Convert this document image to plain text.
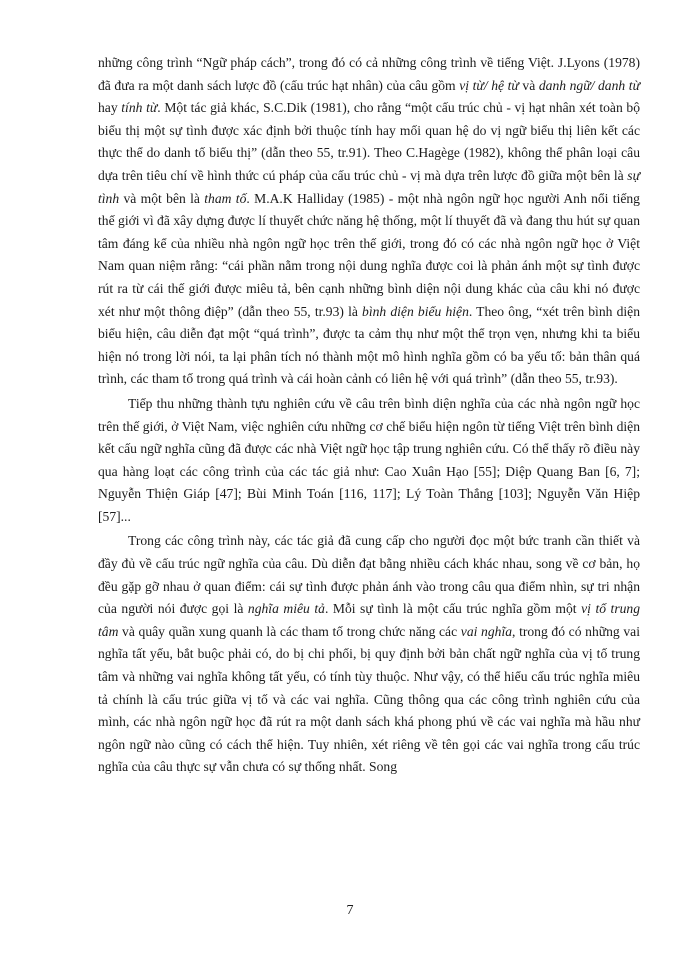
những công trình “Ngữ pháp cách”, trong đó có cả những công trình về tiếng Việt. J.Lyons (1978) đã đưa ra một danh sách lược đồ (cấu trúc hạt nhân) của câu gồm vị từ/ hệ từ và danh ngữ/ danh từ hay tính từ. Một tác giả khác, S.C.Dik (1981), cho rằng “một cấu trúc chủ - vị hạt nhân xét toàn bộ biểu thị một sự tình được xác định bởi thuộc tính hay mối quan hệ do vị ngữ biểu thị liên kết các thực thể do danh tố biểu thị” (dẫn theo 55, tr.91). Theo C.Hagège (1982), không thể phân loại câu dựa trên tiêu chí về hình thức cú pháp của cấu trúc chủ - vị mà dựa trên lược đồ giữa một bên là sự tình và một bên là tham tố. M.A.K Halliday (1985) - một nhà ngôn ngữ học người Anh nổi tiếng thế giới vì đã xây dựng được lí thuyết chức năng hệ thống, một lí thuyết đã và đang thu hút sự quan tâm đáng kể của nhiều nhà ngôn ngữ học trên thế giới, trong đó có các nhà ngôn ngữ học ở Việt Nam quan niệm rằng: “cái phần nằm trong nội dung nghĩa được coi là phản ánh một sự tình được rút ra từ cái thế giới được miêu tả, bên cạnh những bình diện nội dung khác của câu khi nó được xét như một thông điệp” (dẫn theo 55, tr.93) là bình diện biểu hiện. Theo ông, “xét trên bình diện biểu hiện, câu diễn đạt một “quá trình”, được ta cảm thụ như một thể trọn vẹn, nhưng khi ta biểu hiện nó trong lời nói, ta lại phân tích nó thành một mô hình nghĩa gồm có ba yếu tố: bản thân quá trình, các tham tố trong quá trình và cái hoàn cảnh có liên hệ với quá trình” (dẫn theo 55, tr.93).

Tiếp thu những thành tựu nghiên cứu về câu trên bình diện nghĩa của các nhà ngôn ngữ học trên thế giới, ở Việt Nam, việc nghiên cứu những cơ chế biểu hiện ngôn từ tiếng Việt trên bình diện kết cấu ngữ nghĩa cũng đã được các nhà Việt ngữ học tập trung nghiên cứu. Có thể thấy rõ điều này qua hàng loạt các công trình của các tác giả như: Cao Xuân Hạo [55]; Diệp Quang Ban [6, 7]; Nguyễn Thiện Giáp [47]; Bùi Minh Toán [116, 117]; Lý Toàn Thắng [103]; Nguyễn Văn Hiệp [57]...

Trong các công trình này, các tác giả đã cung cấp cho người đọc một bức tranh cần thiết và đầy đủ về cấu trúc ngữ nghĩa của câu. Dù diễn đạt bằng nhiều cách khác nhau, song về cơ bản, họ đều gặp gỡ nhau ở quan điểm: cái sự tình được phản ánh vào trong câu qua điểm nhìn, sự tri nhận của người nói được gọi là nghĩa miêu tả. Mỗi sự tình là một cấu trúc nghĩa gồm một vị tố trung tâm và quây quần xung quanh là các tham tố trong chức năng các vai nghĩa, trong đó có những vai nghĩa tất yếu, bắt buộc phải có, do bị chi phối, bị quy định bởi bản chất ngữ nghĩa của vị tố trung tâm và những vai nghĩa không tất yếu, có tính tùy thuộc. Như vậy, có thể hiểu cấu trúc nghĩa miêu tả chính là cấu trúc giữa vị tố và các vai nghĩa. Cũng thông qua các công trình nghiên cứu của mình, các nhà ngôn ngữ học đã rút ra một danh sách khá phong phú về các vai nghĩa mà hầu như ngôn ngữ nào cũng có cách thể hiện. Tuy nhiên, xét riêng về tên gọi các vai nghĩa trong cấu trúc nghĩa của câu thực sự vẫn chưa có sự thống nhất. Song

7
